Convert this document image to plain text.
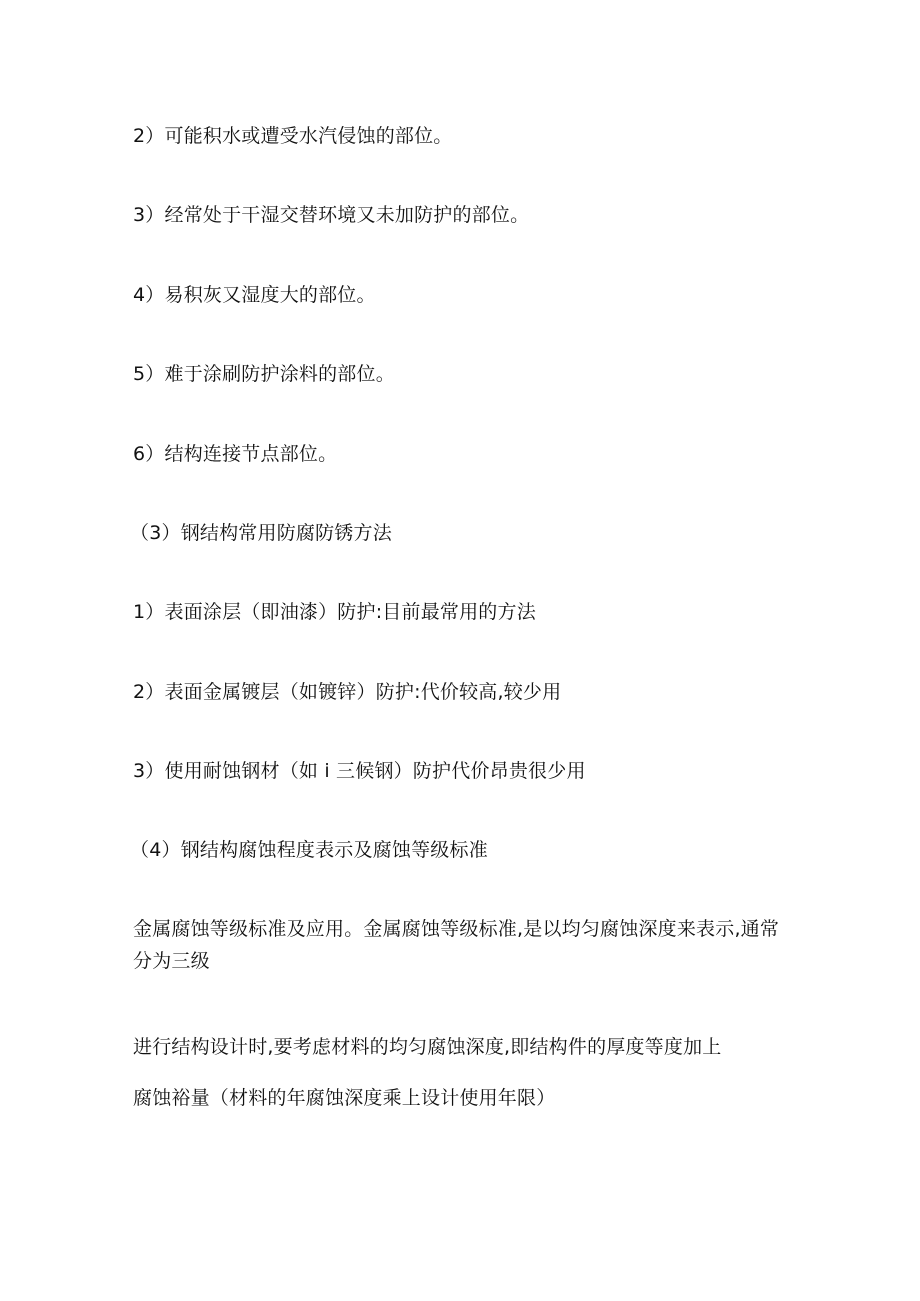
2）可能积水或遭受水汽侵蚀的部位。
3）经常处于干湿交替环境又未加防护的部位。
4）易积灰又湿度大的部位。
5）难于涂刷防护涂料的部位。
6）结构连接节点部位。
（3）钢结构常用防腐防锈方法
1）表面涂层（即油漆）防护:目前最常用的方法
2）表面金属镀层（如镀锌）防护:代价较高,较少用
3）使用耐蚀钢材（如 i 三候钢）防护代价昂贵很少用
（4）钢结构腐蚀程度表示及腐蚀等级标准
金属腐蚀等级标准及应用。金属腐蚀等级标准,是以均匀腐蚀深度来表示,通常分为三级
进行结构设计时,要考虑材料的均匀腐蚀深度,即结构件的厚度等度加上
腐蚀裕量（材料的年腐蚀深度乘上设计使用年限）
